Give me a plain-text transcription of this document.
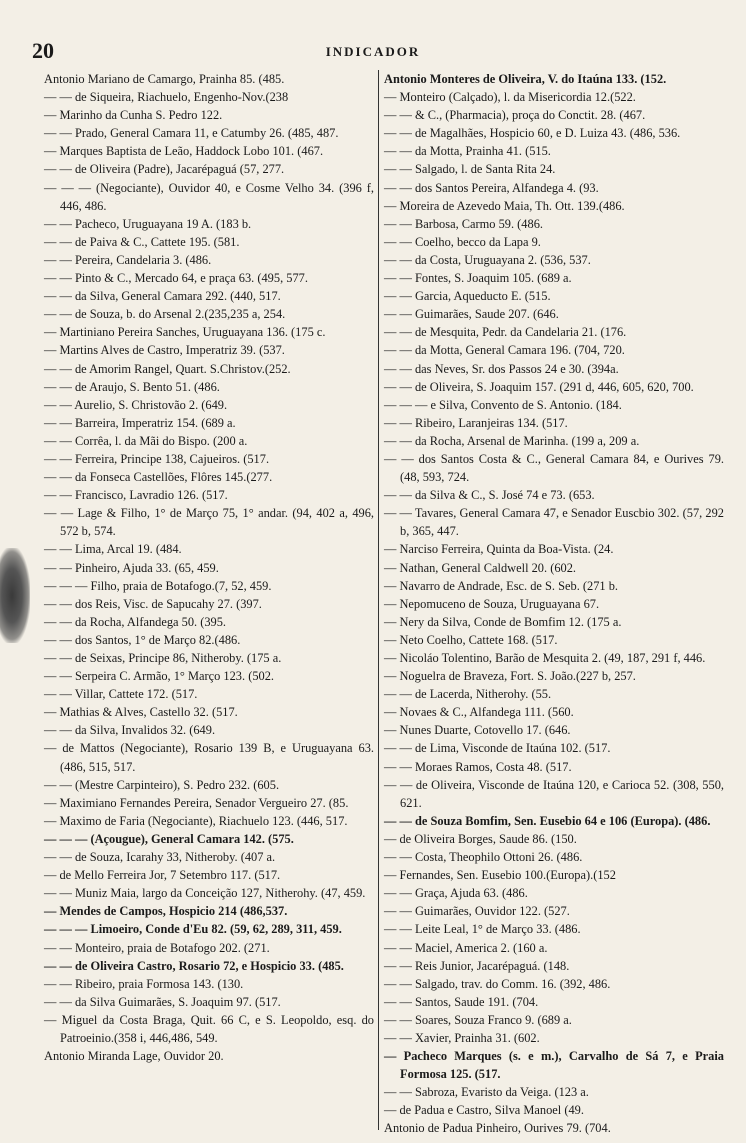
20	INDICADOR

Antonio Mariano de Camargo, Prainha 85. (485.

— — de Siqueira, Riachuelo, Engenho-Nov.(238

— Marinho da Cunha S. Pedro 122.

— — Prado, General Camara 11, e Catumby 26. (485, 487.

— Marques Baptista de Leão, Haddock Lobo 101. (467.

— — de Oliveira (Padre), Jacarépaguá (57, 277.

— — — (Negociante), Ouvidor 40, e Cosme Velho 34. (396 f, 446, 486.

— — Pacheco, Uruguayana 19 A. (183 b.

— — de Paiva & C., Cattete 195. (581.

— — Pereira, Candelaria 3. (486.

— — Pinto & C., Mercado 64, e praça 63. (495, 577.

— — da Silva, General Camara 292. (440, 517.

— — de Souza, b. do Arsenal 2.(235,235 a, 254.

— Martiniano Pereira Sanches, Uruguayana 136. (175 c.

— Martins Alves de Castro, Imperatriz 39. (537.

— — de Amorim Rangel, Quart. S.Christov.(252.

— — de Araujo, S. Bento 51. (486.

— — Aurelio, S. Christovão 2. (649.

— — Barreira, Imperatriz 154. (689 a.

— — Corrêa, l. da Mãi do Bispo. (200 a.

— — Ferreira, Principe 138, Cajueiros. (517.

— — da Fonseca Castellões, Flôres 145.(277.

— — Francisco, Lavradio 126. (517.

— — Lage & Filho, 1° de Março 75, 1° andar. (94, 402 a, 496, 572 b, 574.

— — Lima, Arcal 19. (484.

— — Pinheiro, Ajuda 33. (65, 459.

— — — Filho, praia de Botafogo.(7, 52, 459.

— — dos Reis, Visc. de Sapucahy 27. (397.

— — da Rocha, Alfandega 50. (395.

— — dos Santos, 1° de Março 82.(486.

— — de Seixas, Principe 86, Nitheroby. (175 a.

— — Serpeira C. Armão, 1° Março 123. (502.

— — Villar, Cattete 172. (517.

— Mathias & Alves, Castello 32. (517.

— — da Silva, Invalidos 32. (649.

— de Mattos (Negociante), Rosario 139 B, e Uruguayana 63. (486, 515, 517.

— — (Mestre Carpinteiro), S. Pedro 232. (605.

— Maximiano Fernandes Pereira, Senador Vergueiro 27. (85.

— Maximo de Faria (Negociante), Riachuelo 123. (446, 517.

— — — (Açougue), General Camara 142. (575.

— — de Souza, Icarahy 33, Nitheroby. (407 a.

— de Mello Ferreira Jor, 7 Setembro 117. (517.

— — Muniz Maia, largo da Conceição 127, Nitherohy. (47, 459.

— Mendes de Campos, Hospicio 214 (486,537.

— — — Limoeiro, Conde d'Eu 82. (59, 62, 289, 311, 459.

— — Monteiro, praia de Botafogo 202. (271.

— — de Oliveira Castro, Rosario 72, e Hospicio 33. (485.

— — Ribeiro, praia Formosa 143. (130.

— — da Silva Guimarães, S. Joaquim 97. (517.

— Miguel da Costa Braga, Quit. 66 C, e S. Leopoldo, esq. do Patroeinio.(358 i, 446,486, 549.

Antonio Miranda Lage, Ouvidor 20.

Antonio Monteres de Oliveira, V. do Itaúna 133. (152.

— Monteiro (Calçado), l. da Misericordia 12.(522.

— — & C., (Pharmacia), proça do Conctit. 28. (467.

— — de Magalhães, Hospicio 60, e D. Luiza 43. (486, 536.

— — da Motta, Prainha 41. (515.

— — Salgado, l. de Santa Rita 24.

— — dos Santos Pereira, Alfandega 4. (93.

— Moreira de Azevedo Maia, Th. Ott. 139.(486.

— — Barbosa, Carmo 59. (486.

— — Coelho, becco da Lapa 9.

— — da Costa, Uruguayana 2. (536, 537.

— — Fontes, S. Joaquim 105. (689 a.

— — Garcia, Aqueducto E. (515.

— — Guimarães, Saude 207. (646.

— — de Mesquita, Pedr. da Candelaria 21. (176.

— — da Motta, General Camara 196. (704, 720.

— — das Neves, Sr. dos Passos 24 e 30. (394a.

— — de Oliveira, S. Joaquim 157. (291 d, 446, 605, 620, 700.

— — — e Silva, Convento de S. Antonio. (184.

— — Ribeiro, Laranjeiras 134. (517.

— — da Rocha, Arsenal de Marinha. (199 a, 209 a.

— — dos Santos Costa & C., General Camara 84, e Ourives 79. (48, 593, 724.

— — da Silva & C., S. José 74 e 73. (653.

— — Tavares, General Camara 47, e Senador Euscbio 302. (57, 292 b, 365, 447.

— Narciso Ferreira, Quinta da Boa-Vista. (24.

— Nathan, General Caldwell 20. (602.

— Navarro de Andrade, Esc. de S. Seb. (271 b.

— Nepomuceno de Souza, Uruguayana 67.

— Nery da Silva, Conde de Bomfim 12. (175 a.

— Neto Coelho, Cattete 168. (517.

— Nicoláo Tolentino, Barão de Mesquita 2. (49, 187, 291 f, 446.

— Noguelra de Braveza, Fort. S. João.(227 b, 257.

— — de Lacerda, Nitherohy. (55.

— Novaes & C., Alfandega 111. (560.

— Nunes Duarte, Cotovello 17. (646.

— — de Lima, Visconde de Itaúna 102. (517.

— — Moraes Ramos, Costa 48. (517.

— — de Oliveira, Visconde de Itaúna 120, e Carioca 52. (308, 550, 621.

— — de Souza Bomfim, Sen. Eusebio 64 e 106 (Europa). (486.

— de Oliveira Borges, Saude 86. (150.

— — Costa, Theophilo Ottoni 26. (486.

— Fernandes, Sen. Eusebio 100.(Europa).(152

— — Graça, Ajuda 63. (486.

— — Guimarães, Ouvidor 122. (527.

— — Leite Leal, 1° de Março 33. (486.

— — Maciel, America 2. (160 a.

— — Reis Junior, Jacarépaguá. (148.

— — Salgado, trav. do Comm. 16. (392, 486.

— — Santos, Saude 191. (704.

— — Soares, Souza Franco 9. (689 a.

— — Xavier, Prainha 31. (602.

— Pacheco Marques (s. e m.), Carvalho de Sá 7, e Praia Formosa 125. (517.

— — Sabroza, Evaristo da Veiga. (123 a.

— de Padua e Castro, Silva Manoel (49.

Antonio de Padua Pinheiro, Ourives 79. (704.
